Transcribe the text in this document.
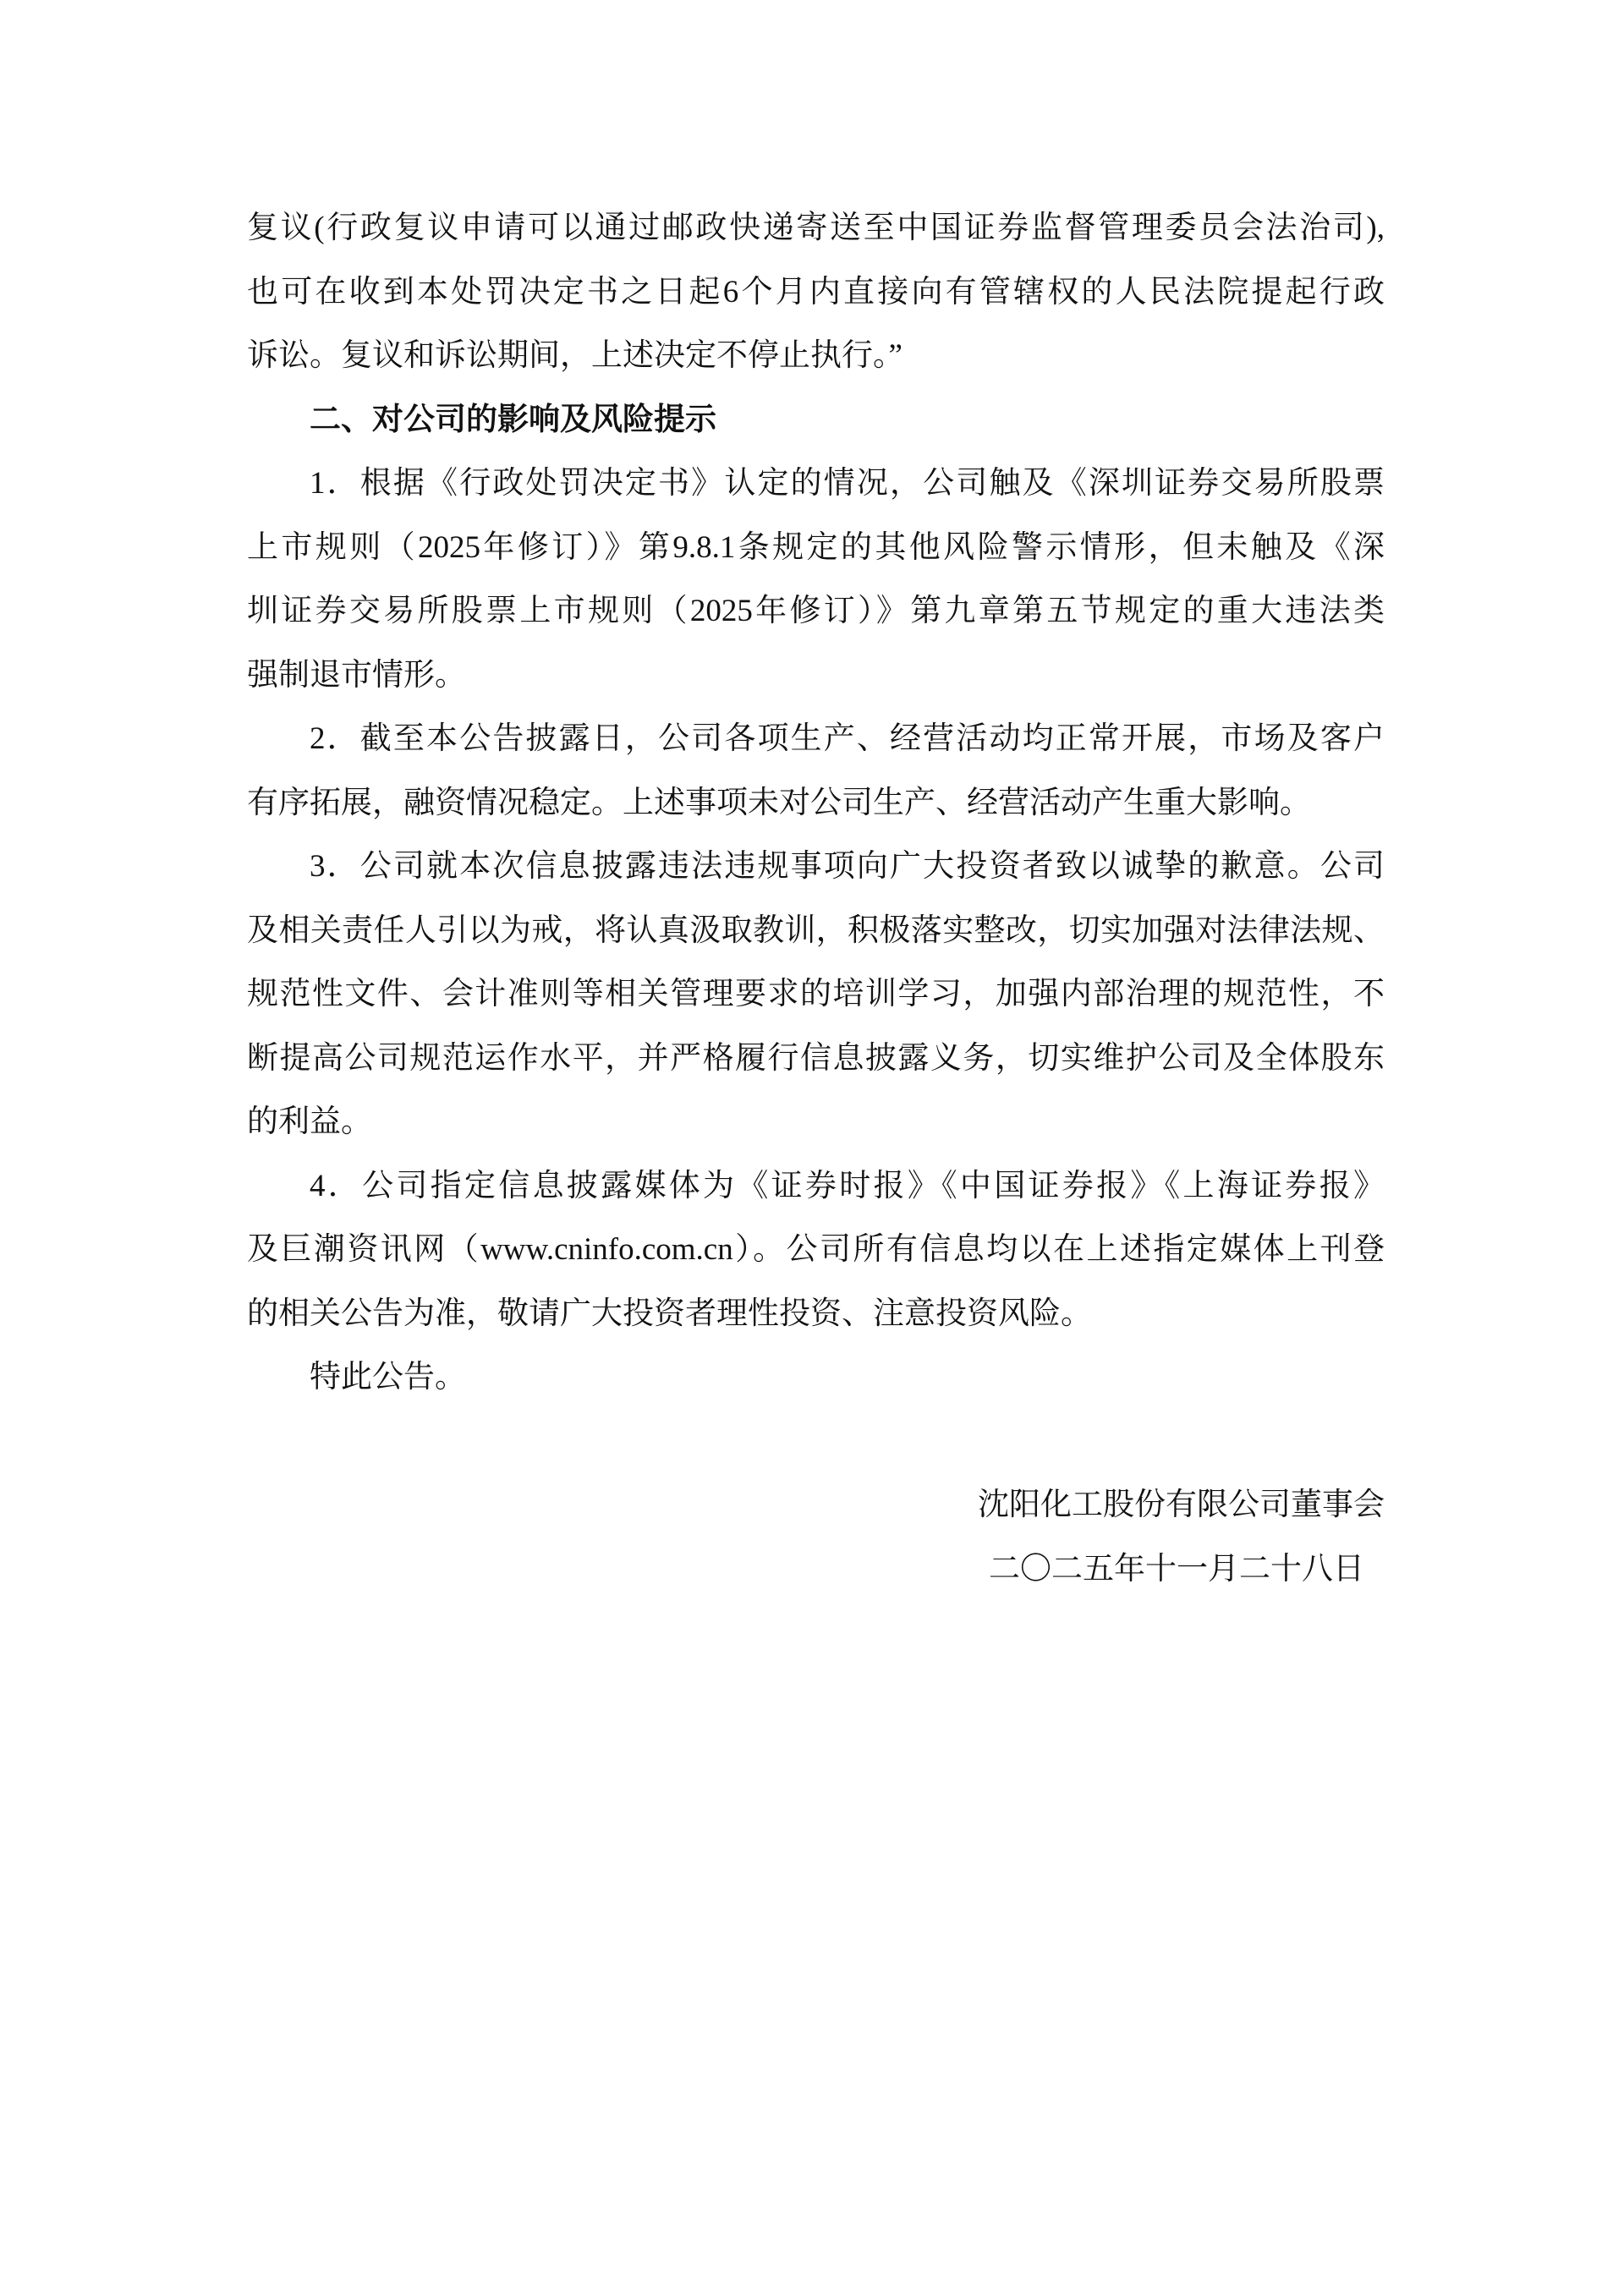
复议(行政复议申请可以通过邮政快递寄送至中国证券监督管理委员会法治司),
也可在收到本处罚决定书之日起6个月内直接向有管辖权的人民法院提起行政
诉讼。复议和诉讼期间，上述决定不停止执行。”
二、对公司的影响及风险提示
1．根据《行政处罚决定书》认定的情况，公司触及《深圳证券交易所股票
上市规则（2025年修订）》第9.8.1条规定的其他风险警示情形，但未触及《深
圳证券交易所股票上市规则（2025年修订）》第九章第五节规定的重大违法类
强制退市情形。
2．截至本公告披露日，公司各项生产、经营活动均正常开展，市场及客户
有序拓展，融资情况稳定。上述事项未对公司生产、经营活动产生重大影响。
3．公司就本次信息披露违法违规事项向广大投资者致以诚挚的歉意。公司
及相关责任人引以为戒，将认真汲取教训，积极落实整改，切实加强对法律法规、
规范性文件、会计准则等相关管理要求的培训学习，加强内部治理的规范性，不
断提高公司规范运作水平，并严格履行信息披露义务，切实维护公司及全体股东
的利益。
4．公司指定信息披露媒体为《证券时报》《中国证券报》《上海证券报》
及巨潮资讯网（www.cninfo.com.cn）。公司所有信息均以在上述指定媒体上刊登
的相关公告为准，敬请广大投资者理性投资、注意投资风险。
特此公告。
沈阳化工股份有限公司董事会
二〇二五年十一月二十八日
